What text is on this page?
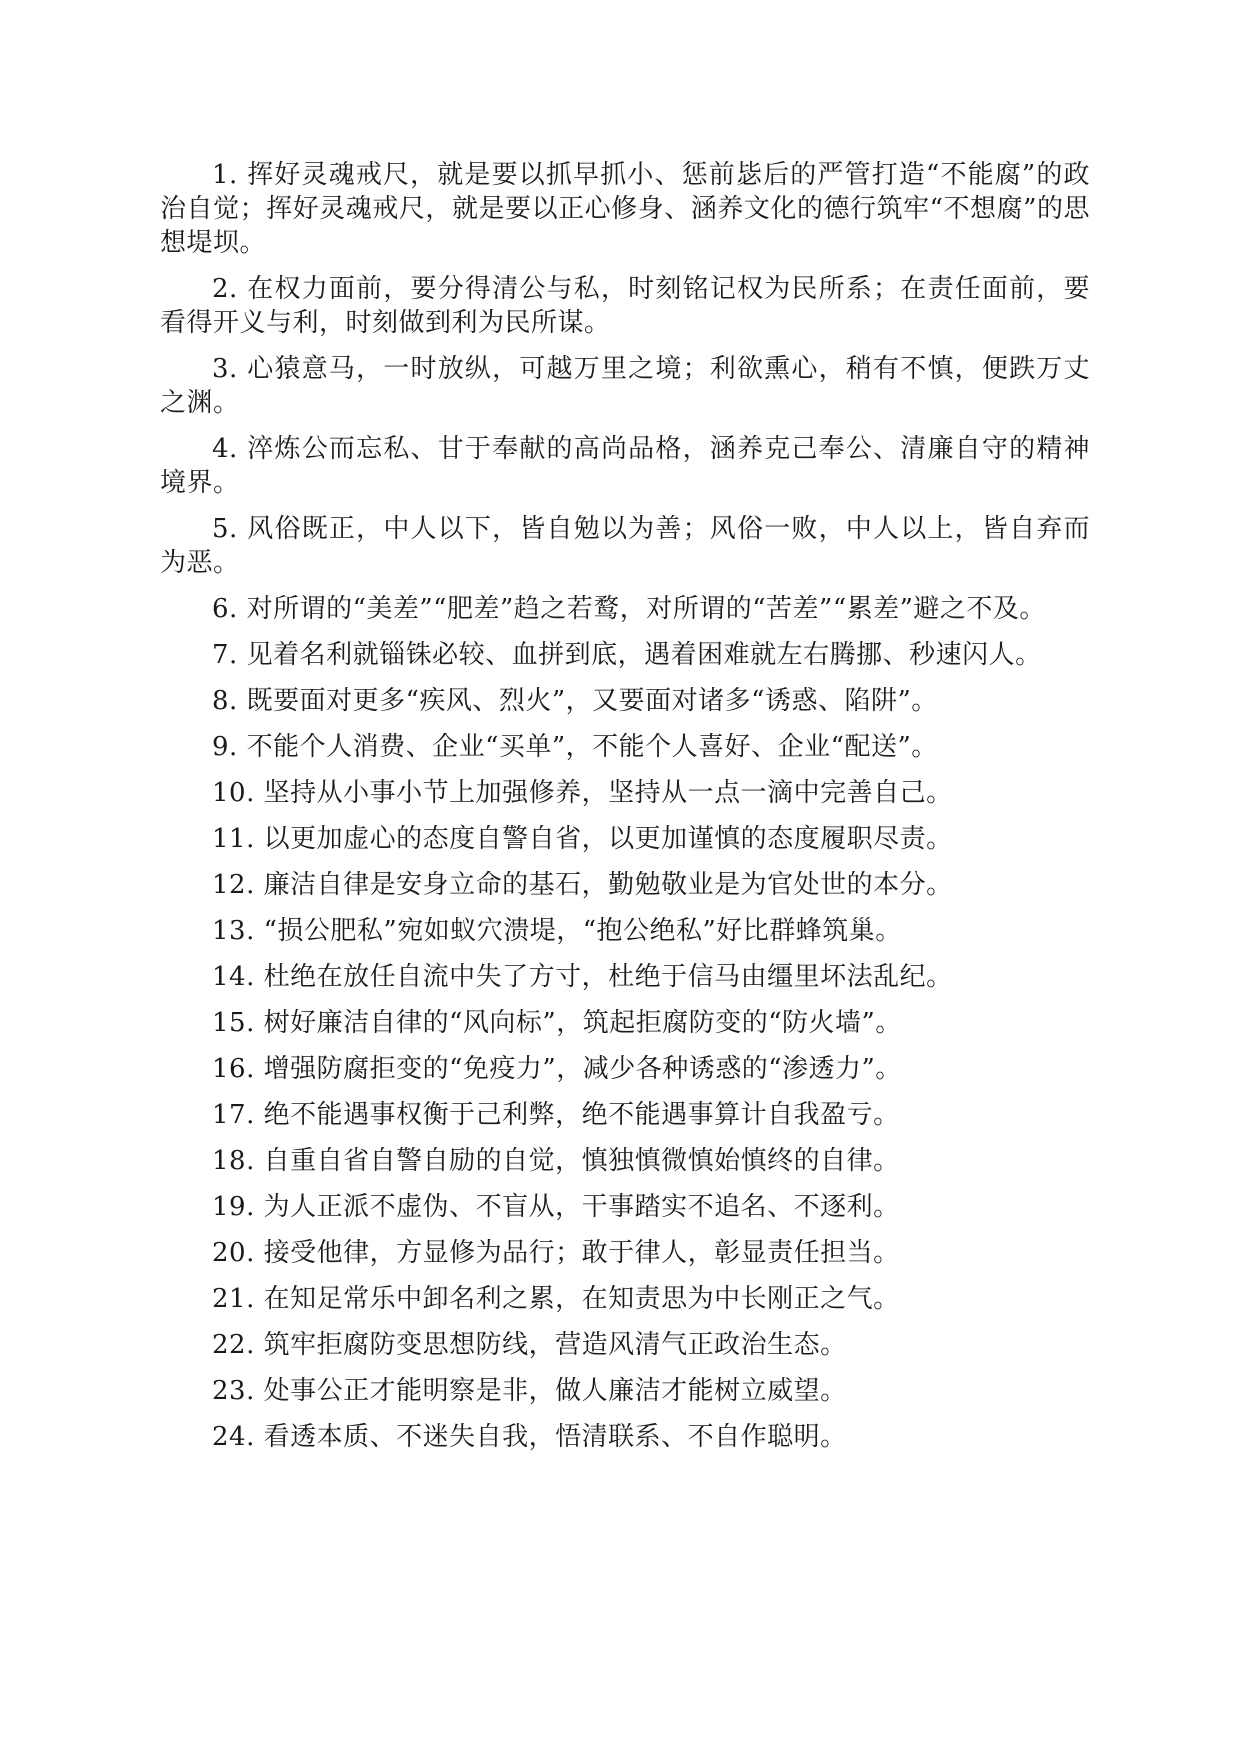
1. 挥好灵魂戒尺，就是要以抓早抓小、惩前毖后的严管打造“不能腐”的政治自觉；挥好灵魂戒尺，就是要以正心修身、涵养文化的德行筑牢“不想腐”的思想堤坝。

2. 在权力面前，要分得清公与私，时刻铭记权为民所系；在责任面前，要看得开义与利，时刻做到利为民所谋。

3. 心猿意马，一时放纵，可越万里之境；利欲熏心，稍有不慎，便跌万丈之渊。

4. 淬炼公而忘私、甘于奉献的高尚品格，涵养克己奉公、清廉自守的精神境界。

5. 风俗既正，中人以下，皆自勉以为善；风俗一败，中人以上，皆自弃而为恶。

6. 对所谓的“美差”“肥差”趋之若鹜，对所谓的“苦差”“累差”避之不及。

7. 见着名利就锱铢必较、血拼到底，遇着困难就左右腾挪、秒速闪人。

8. 既要面对更多“疾风、烈火”，又要面对诸多“诱惑、陷阱”。

9. 不能个人消费、企业“买单”，不能个人喜好、企业“配送”。

10. 坚持从小事小节上加强修养，坚持从一点一滴中完善自己。

11. 以更加虚心的态度自警自省，以更加谨慎的态度履职尽责。

12. 廉洁自律是安身立命的基石，勤勉敬业是为官处世的本分。

13. “损公肥私”宛如蚁穴溃堤，“抱公绝私”好比群蜂筑巢。

14. 杜绝在放任自流中失了方寸，杜绝于信马由缰里坏法乱纪。

15. 树好廉洁自律的“风向标”，筑起拒腐防变的“防火墙”。

16. 增强防腐拒变的“免疫力”，减少各种诱惑的“渗透力”。

17. 绝不能遇事权衡于己利弊，绝不能遇事算计自我盈亏。

18. 自重自省自警自励的自觉，慎独慎微慎始慎终的自律。

19. 为人正派不虚伪、不盲从，干事踏实不追名、不逐利。

20. 接受他律，方显修为品行；敢于律人，彰显责任担当。

21. 在知足常乐中卸名利之累，在知责思为中长刚正之气。

22. 筑牢拒腐防变思想防线，营造风清气正政治生态。

23. 处事公正才能明察是非，做人廉洁才能树立威望。

24. 看透本质、不迷失自我，悟清联系、不自作聪明。
